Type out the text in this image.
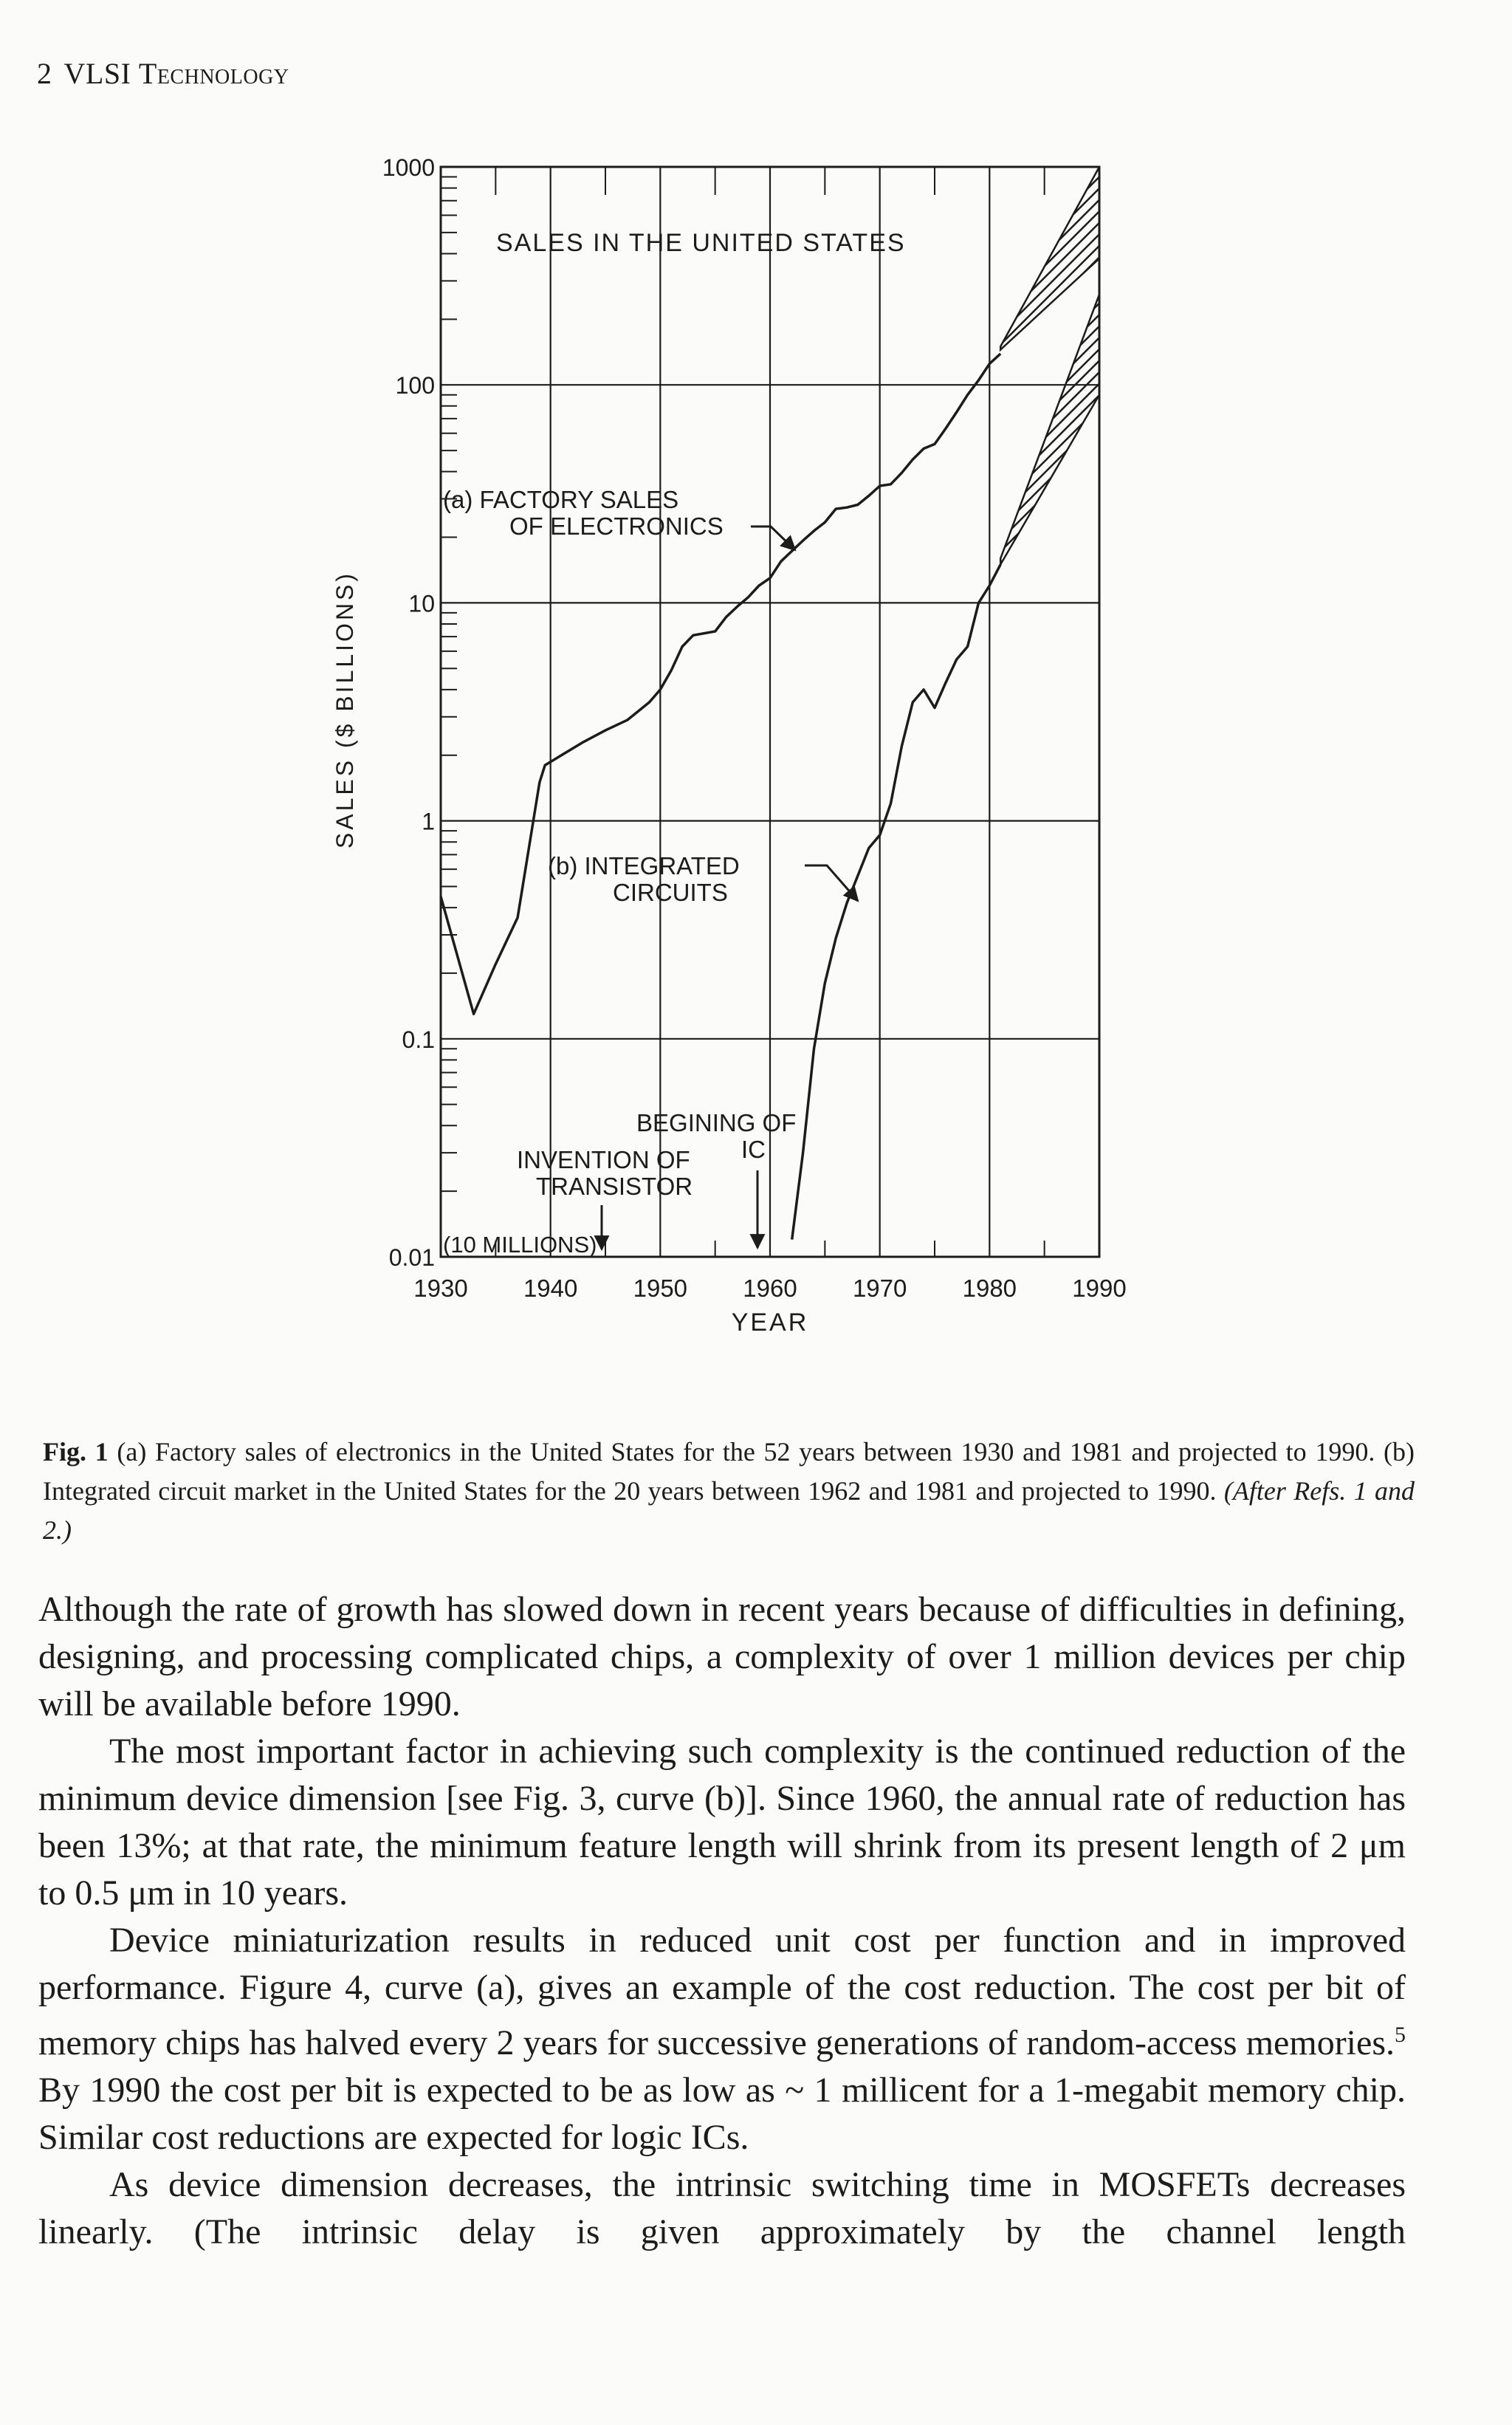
2 VLSI Technology
0.01
0.1
1
10
100
1000
1930 1940 1950 1960 1970 1980 1990
SALES IN THE UNITED STATES
SALES ($ BILLIONS)
YEAR
(a) FACTORY SALES
OF ELECTRONICS
(b) INTEGRATED
CIRCUITS
BEGINING OF
IC
INVENTION OF
TRANSISTOR
(10 MILLIONS)
Fig. 1 (a) Factory sales of electronics in the United States for the 52 years between 1930 and 1981 and projected to 1990. (b) Integrated circuit market in the United States for the 20 years between 1962 and 1981 and projected to 1990. (After Refs. 1 and 2.)

Although the rate of growth has slowed down in recent years because of difficulties in defining, designing, and processing complicated chips, a complexity of over 1 million devices per chip will be available before 1990.

The most important factor in achieving such complexity is the continued reduction of the minimum device dimension [see Fig. 3, curve (b)]. Since 1960, the annual rate of reduction has been 13%; at that rate, the minimum feature length will shrink from its present length of 2 μm to 0.5 μm in 10 years.

Device miniaturization results in reduced unit cost per function and in improved performance. Figure 4, curve (a), gives an example of the cost reduction. The cost per bit of memory chips has halved every 2 years for successive generations of random-access memories.$^5$ By 1990 the cost per bit is expected to be as low as ~ 1 millicent for a 1-megabit memory chip. Similar cost reductions are expected for logic ICs.

As device dimension decreases, the intrinsic switching time in MOSFETs decreases linearly. (The intrinsic delay is given approximately by the channel length
